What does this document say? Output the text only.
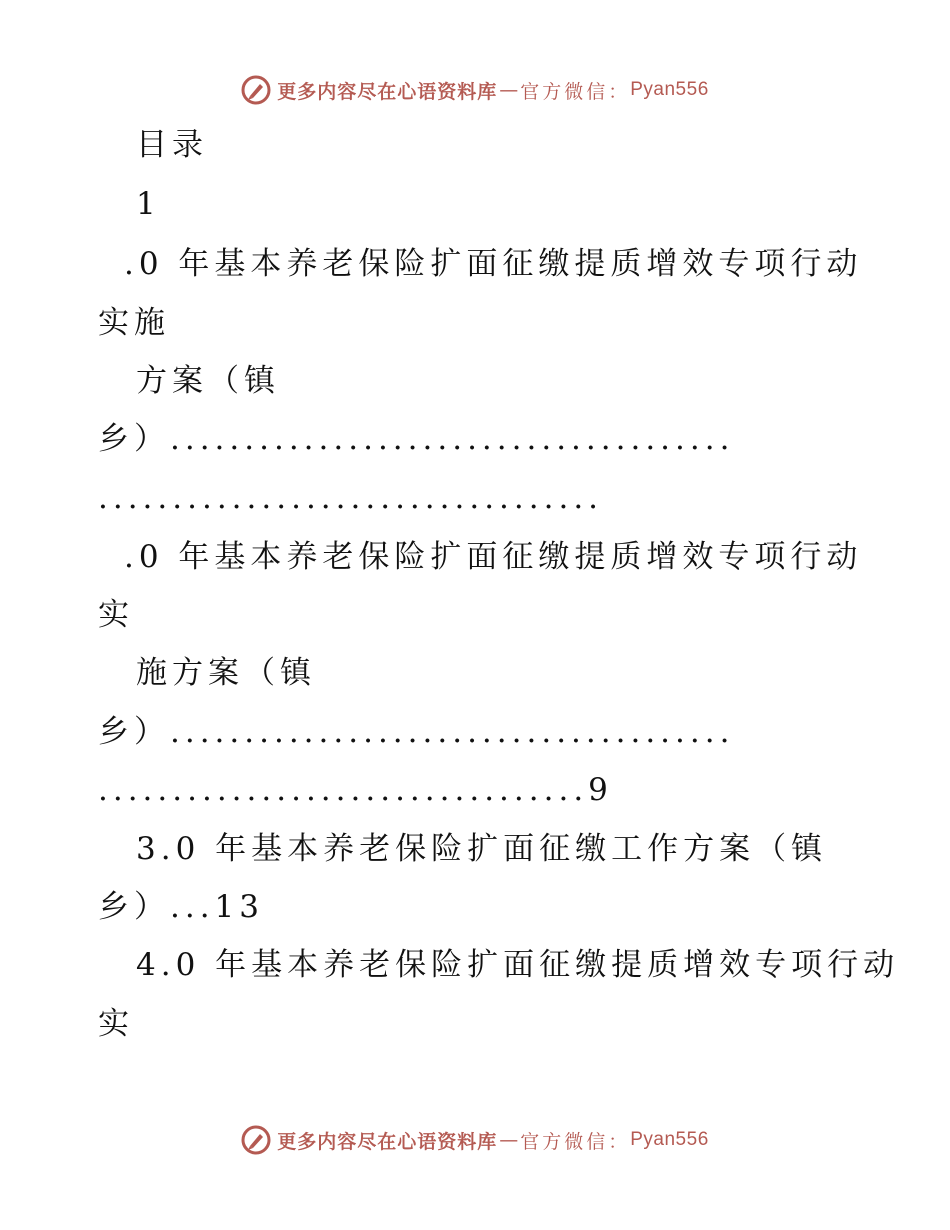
更多内容尽在心语资料库 — 官方微信： Pyan556
目录
1
.0 年基本养老保险扩面征缴提质增效专项行动
实施
方案（镇
乡）......................................
..................................
.0 年基本养老保险扩面征缴提质增效专项行动
实
施方案（镇
乡）......................................
.................................9
3.0 年基本养老保险扩面征缴工作方案（镇
乡）...13
4.0 年基本养老保险扩面征缴提质增效专项行动
实
更多内容尽在心语资料库 — 官方微信： Pyan556
